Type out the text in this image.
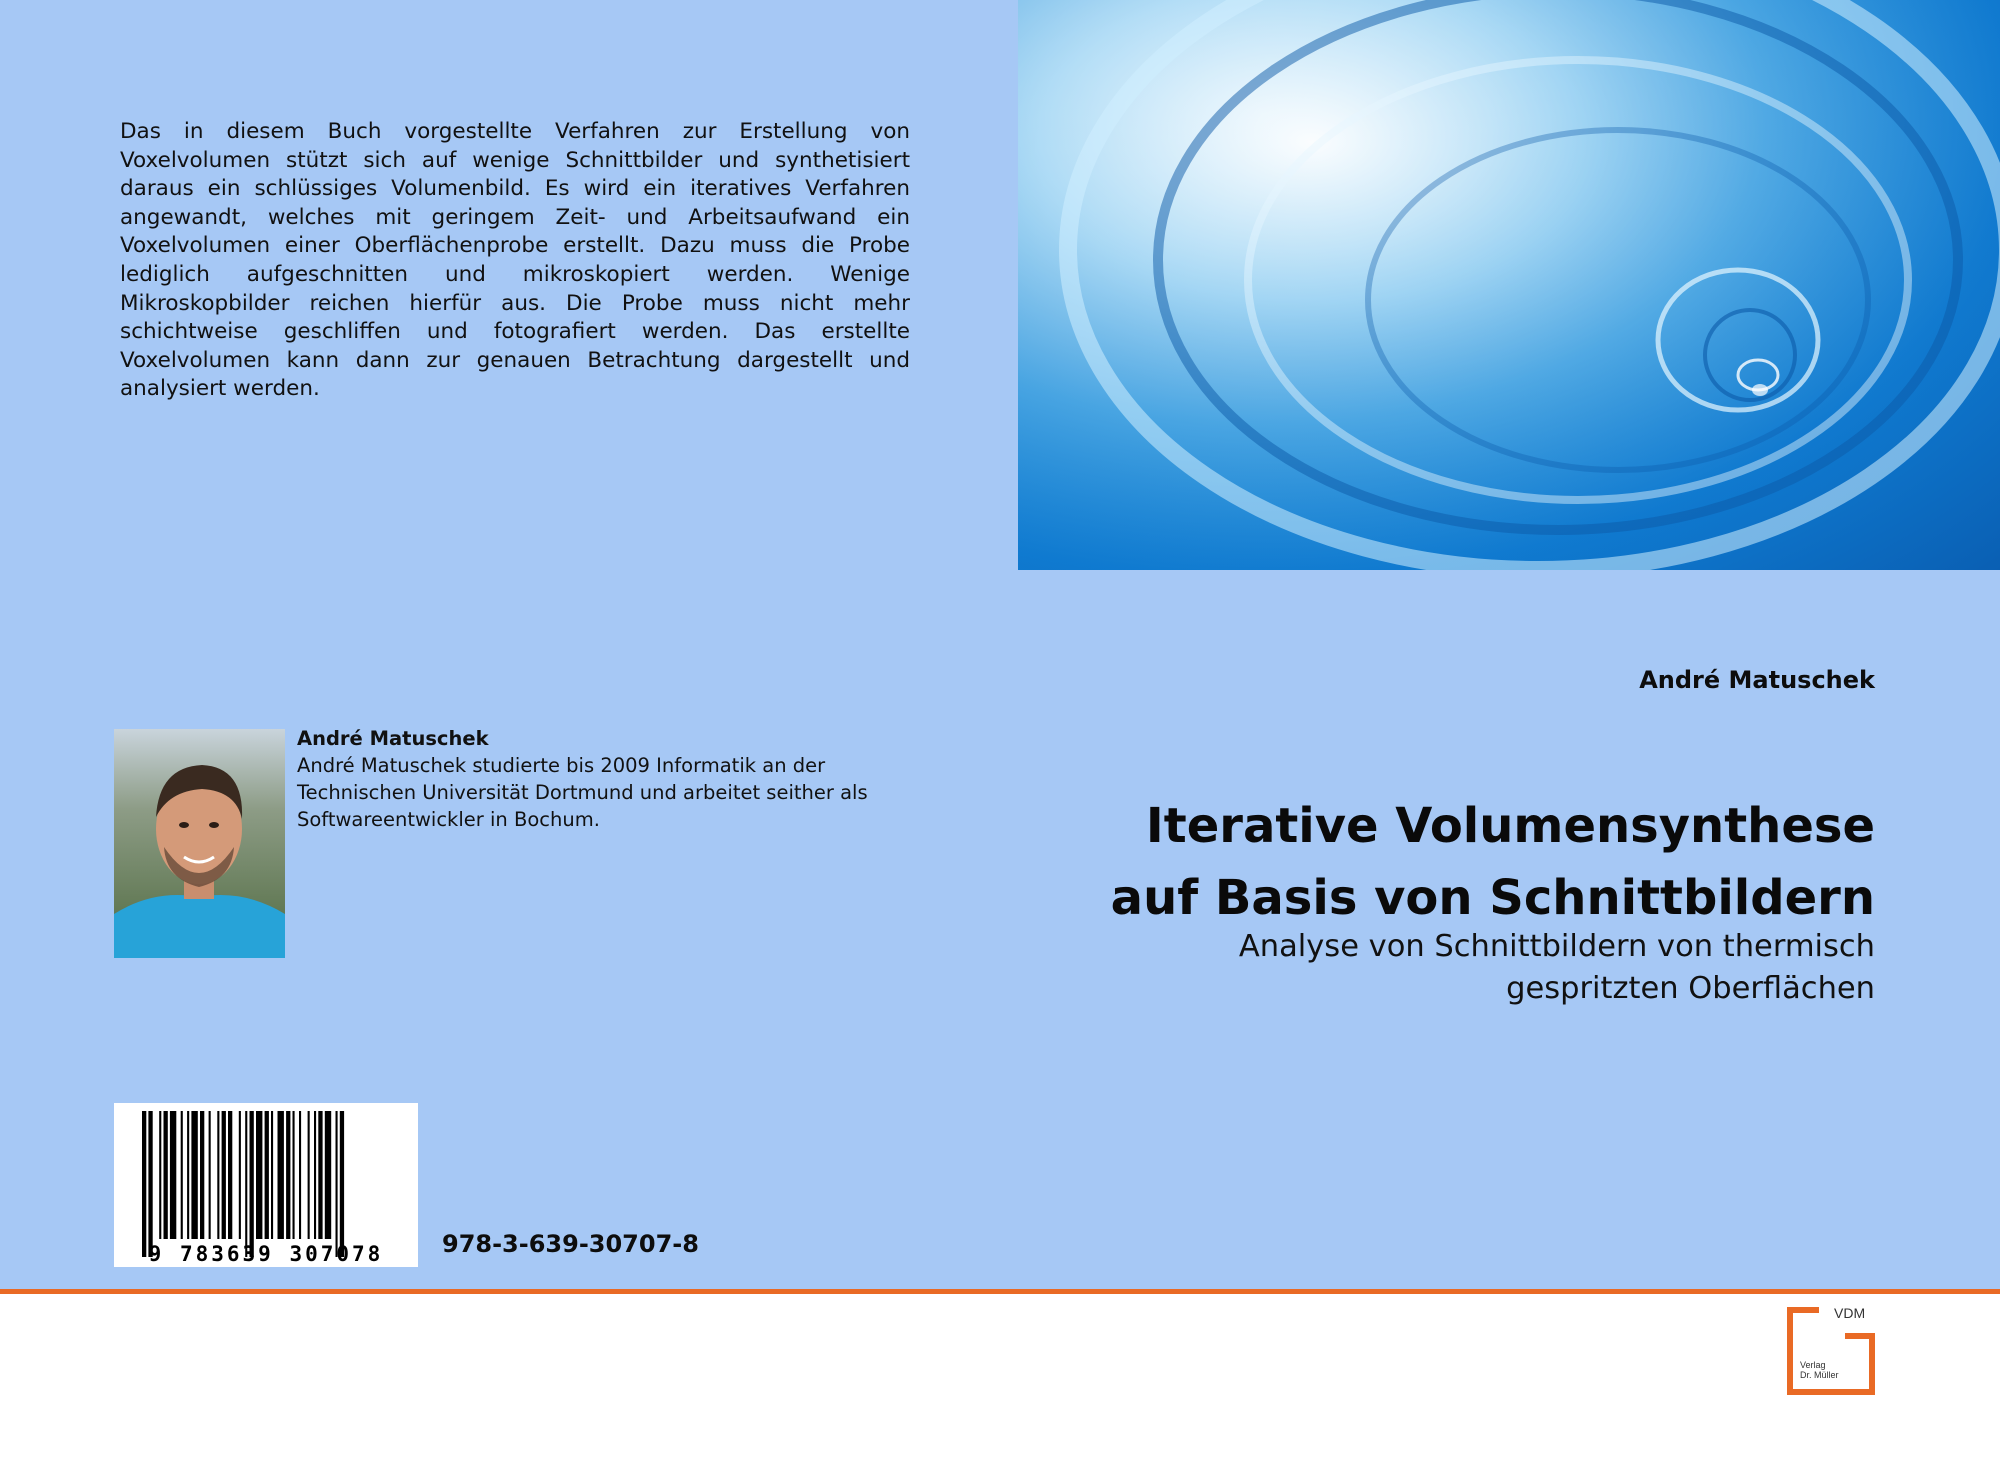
Das in diesem Buch vorgestellte Verfahren zur Erstellung von Voxelvolumen stützt sich auf wenige Schnittbilder und synthetisiert daraus ein schlüssiges Volumenbild. Es wird ein iteratives Verfahren angewandt, welches mit geringem Zeit- und Arbeitsaufwand ein Voxelvolumen einer Oberflächenprobe erstellt. Dazu muss die Probe lediglich aufgeschnitten und mikroskopiert werden. Wenige Mikroskopbilder reichen hierfür aus. Die Probe muss nicht mehr schichtweise geschliffen und fotografiert werden. Das erstellte Voxelvolumen kann dann zur genauen Betrachtung dargestellt und analysiert werden.
André Matuschek
Iterative Volumensynthese
auf Basis von Schnittbildern
Analyse von Schnittbildern von thermisch
gespritzten Oberflächen
André Matuschek
André Matuschek studierte bis 2009 Informatik an der Technischen Universität Dortmund und arbeitet seither als Softwareentwickler in Bochum.
9 783639 307078 978-3-639-30707-8
VDM
Verlag
Dr. Müller
